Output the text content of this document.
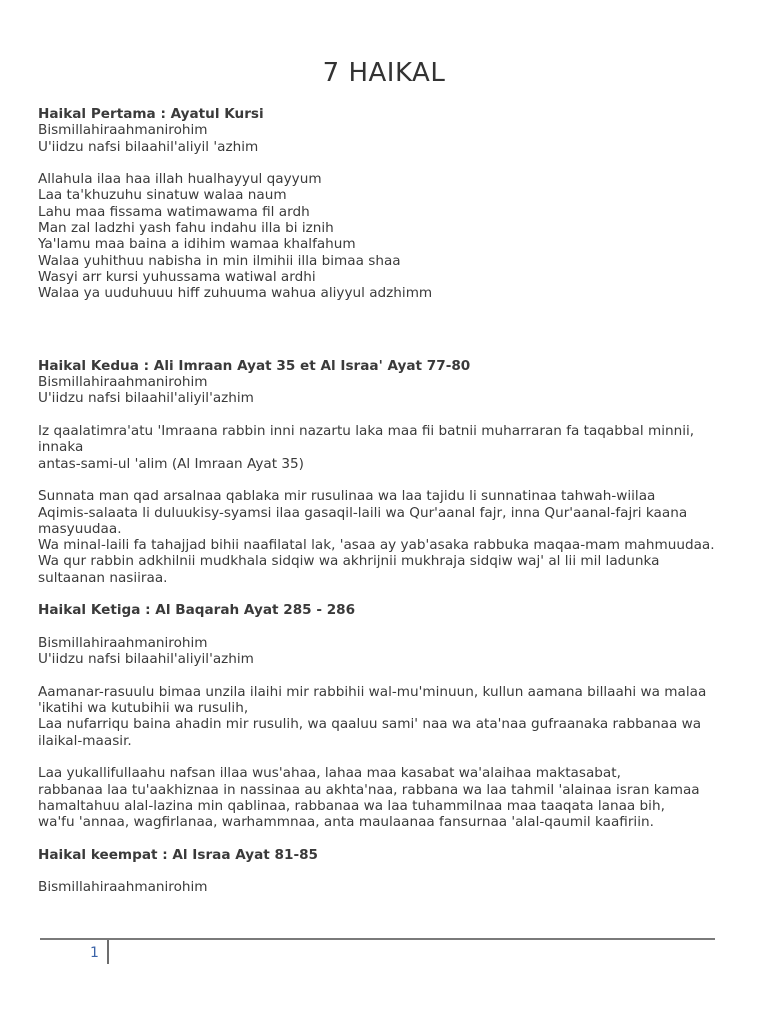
7 HAIKAL

Haikal Pertama : Ayatul Kursi

Bismillahiraahmanirohim

U'iidzu nafsi bilaahil'aliyil 'azhim

Allahula ilaa haa illah hualhayyul qayyum

Laa ta'khuzuhu sinatuw walaa naum

Lahu maa fissama watimawama fil ardh

Man zal ladzhi yash fahu indahu illa bi iznih

Ya'lamu maa baina a idihim wamaa khalfahum

Walaa yuhithuu nabisha in min ilmihii illa bimaa shaa

Wasyi arr kursi yuhussama watiwal ardhi

Walaa ya uuduhuuu hiff zuhuuma wahua aliyyul adzhimm

Haikal Kedua : Ali Imraan Ayat 35 et Al Israa' Ayat 77-80

Bismillahiraahmanirohim

U'iidzu nafsi bilaahil'aliyil'azhim

Iz qaalatimra'atu 'Imraana rabbin inni nazartu laka maa fii batnii muharraran fa taqabbal minnii, innaka

antas-sami-ul 'alim (Al Imraan Ayat 35)

Sunnata man qad arsalnaa qablaka mir rusulinaa wa laa tajidu li sunnatinaa tahwah-wiilaa

Aqimis-salaata li duluukisy-syamsi ilaa gasaqil-laili wa Qur'aanal fajr, inna Qur'aanal-fajri kaana masyuudaa.

Wa minal-laili fa tahajjad bihii naafilatal lak, 'asaa ay yab'asaka rabbuka maqaa-mam mahmuudaa.

Wa qur rabbin adkhilnii mudkhala sidqiw wa akhrijnii mukhraja sidqiw waj' al lii mil ladunka sultaanan nasiiraa.

Haikal Ketiga : Al Baqarah Ayat 285 - 286

Bismillahiraahmanirohim

U'iidzu nafsi bilaahil'aliyil'azhim

Aamanar-rasuulu bimaa unzila ilaihi mir rabbihii wal-mu'minuun, kullun aamana billaahi wa malaa 'ikatihi wa kutubihii wa rusulih,

Laa nufarriqu baina ahadin mir rusulih, wa qaaluu sami' naa wa ata'naa gufraanaka rabbanaa wa ilaikal-maasir.

Laa yukallifullaahu nafsan illaa wus'ahaa, lahaa maa kasabat wa'alaihaa maktasabat,

rabbanaa laa tu'aakhiznaa in nassinaa au akhta'naa, rabbana wa laa tahmil 'alainaa isran kamaa hamaltahuu alal-lazina min qablinaa, rabbanaa wa laa tuhammilnaa maa taaqata lanaa bih,

wa'fu 'annaa, wagfirlanaa, warhammnaa, anta maulaanaa fansurnaa 'alal-qaumil kaafiriin.

Haikal keempat : Al Israa Ayat 81-85

Bismillahiraahmanirohim

1
